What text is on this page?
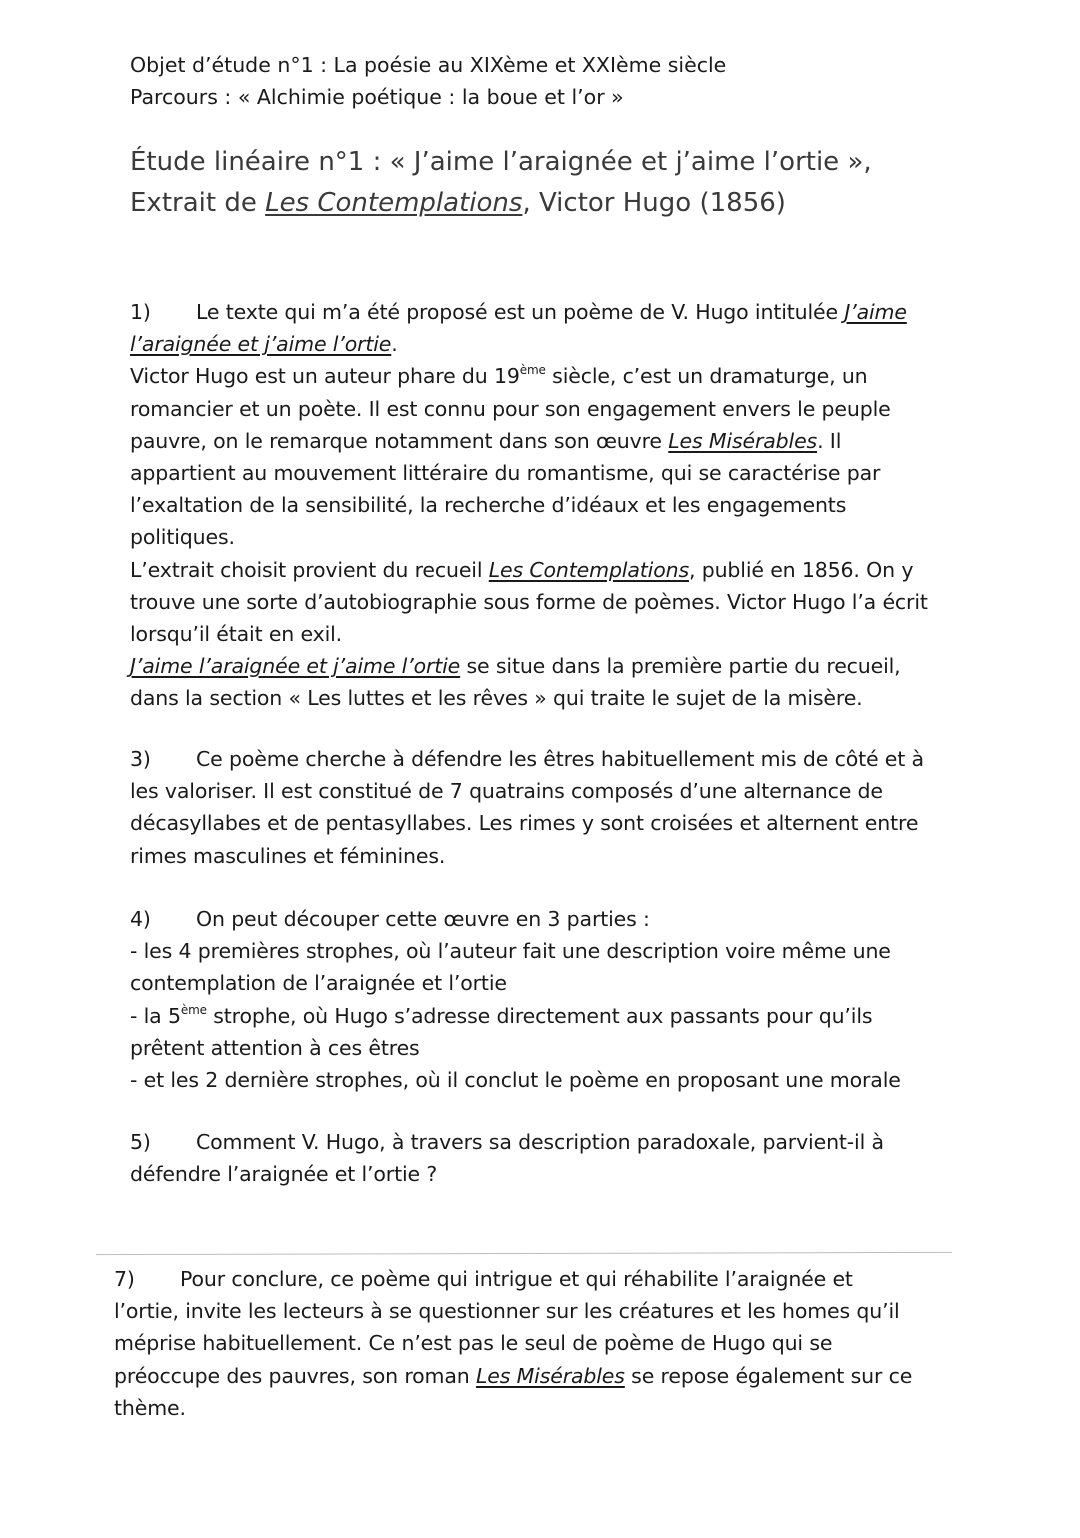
Objet d’étude n°1 : La poésie au XIXème et XXIème siècle
Parcours : « Alchimie poétique : la boue et l’or »
Étude linéaire n°1 : « J’aime l’araignée et j’aime l’ortie »,
Extrait de Les Contemplations, Victor Hugo (1856)
1) Le texte qui m’a été proposé est un poème de V. Hugo intitulée J’aime
l’araignée et j’aime l’ortie.
Victor Hugo est un auteur phare du 19ème siècle, c’est un dramaturge, un
romancier et un poète. Il est connu pour son engagement envers le peuple
pauvre, on le remarque notamment dans son œuvre Les Misérables. Il
appartient au mouvement littéraire du romantisme, qui se caractérise par
l’exaltation de la sensibilité, la recherche d’idéaux et les engagements
politiques.
L’extrait choisit provient du recueil Les Contemplations, publié en 1856. On y
trouve une sorte d’autobiographie sous forme de poèmes. Victor Hugo l’a écrit
lorsqu’il était en exil.
J’aime l’araignée et j’aime l’ortie se situe dans la première partie du recueil,
dans la section « Les luttes et les rêves » qui traite le sujet de la misère.
3) Ce poème cherche à défendre les êtres habituellement mis de côté et à
les valoriser. Il est constitué de 7 quatrains composés d’une alternance de
décasyllabes et de pentasyllabes. Les rimes y sont croisées et alternent entre
rimes masculines et féminines.
4) On peut découper cette œuvre en 3 parties :
- les 4 premières strophes, où l’auteur fait une description voire même une
contemplation de l’araignée et l’ortie
- la 5ème strophe, où Hugo s’adresse directement aux passants pour qu’ils
prêtent attention à ces êtres
- et les 2 dernière strophes, où il conclut le poème en proposant une morale
5) Comment V. Hugo, à travers sa description paradoxale, parvient-il à
défendre l’araignée et l’ortie ?
7) Pour conclure, ce poème qui intrigue et qui réhabilite l’araignée et
l’ortie, invite les lecteurs à se questionner sur les créatures et les homes qu’il
méprise habituellement. Ce n’est pas le seul de poème de Hugo qui se
préoccupe des pauvres, son roman Les Misérables se repose également sur ce
thème.
